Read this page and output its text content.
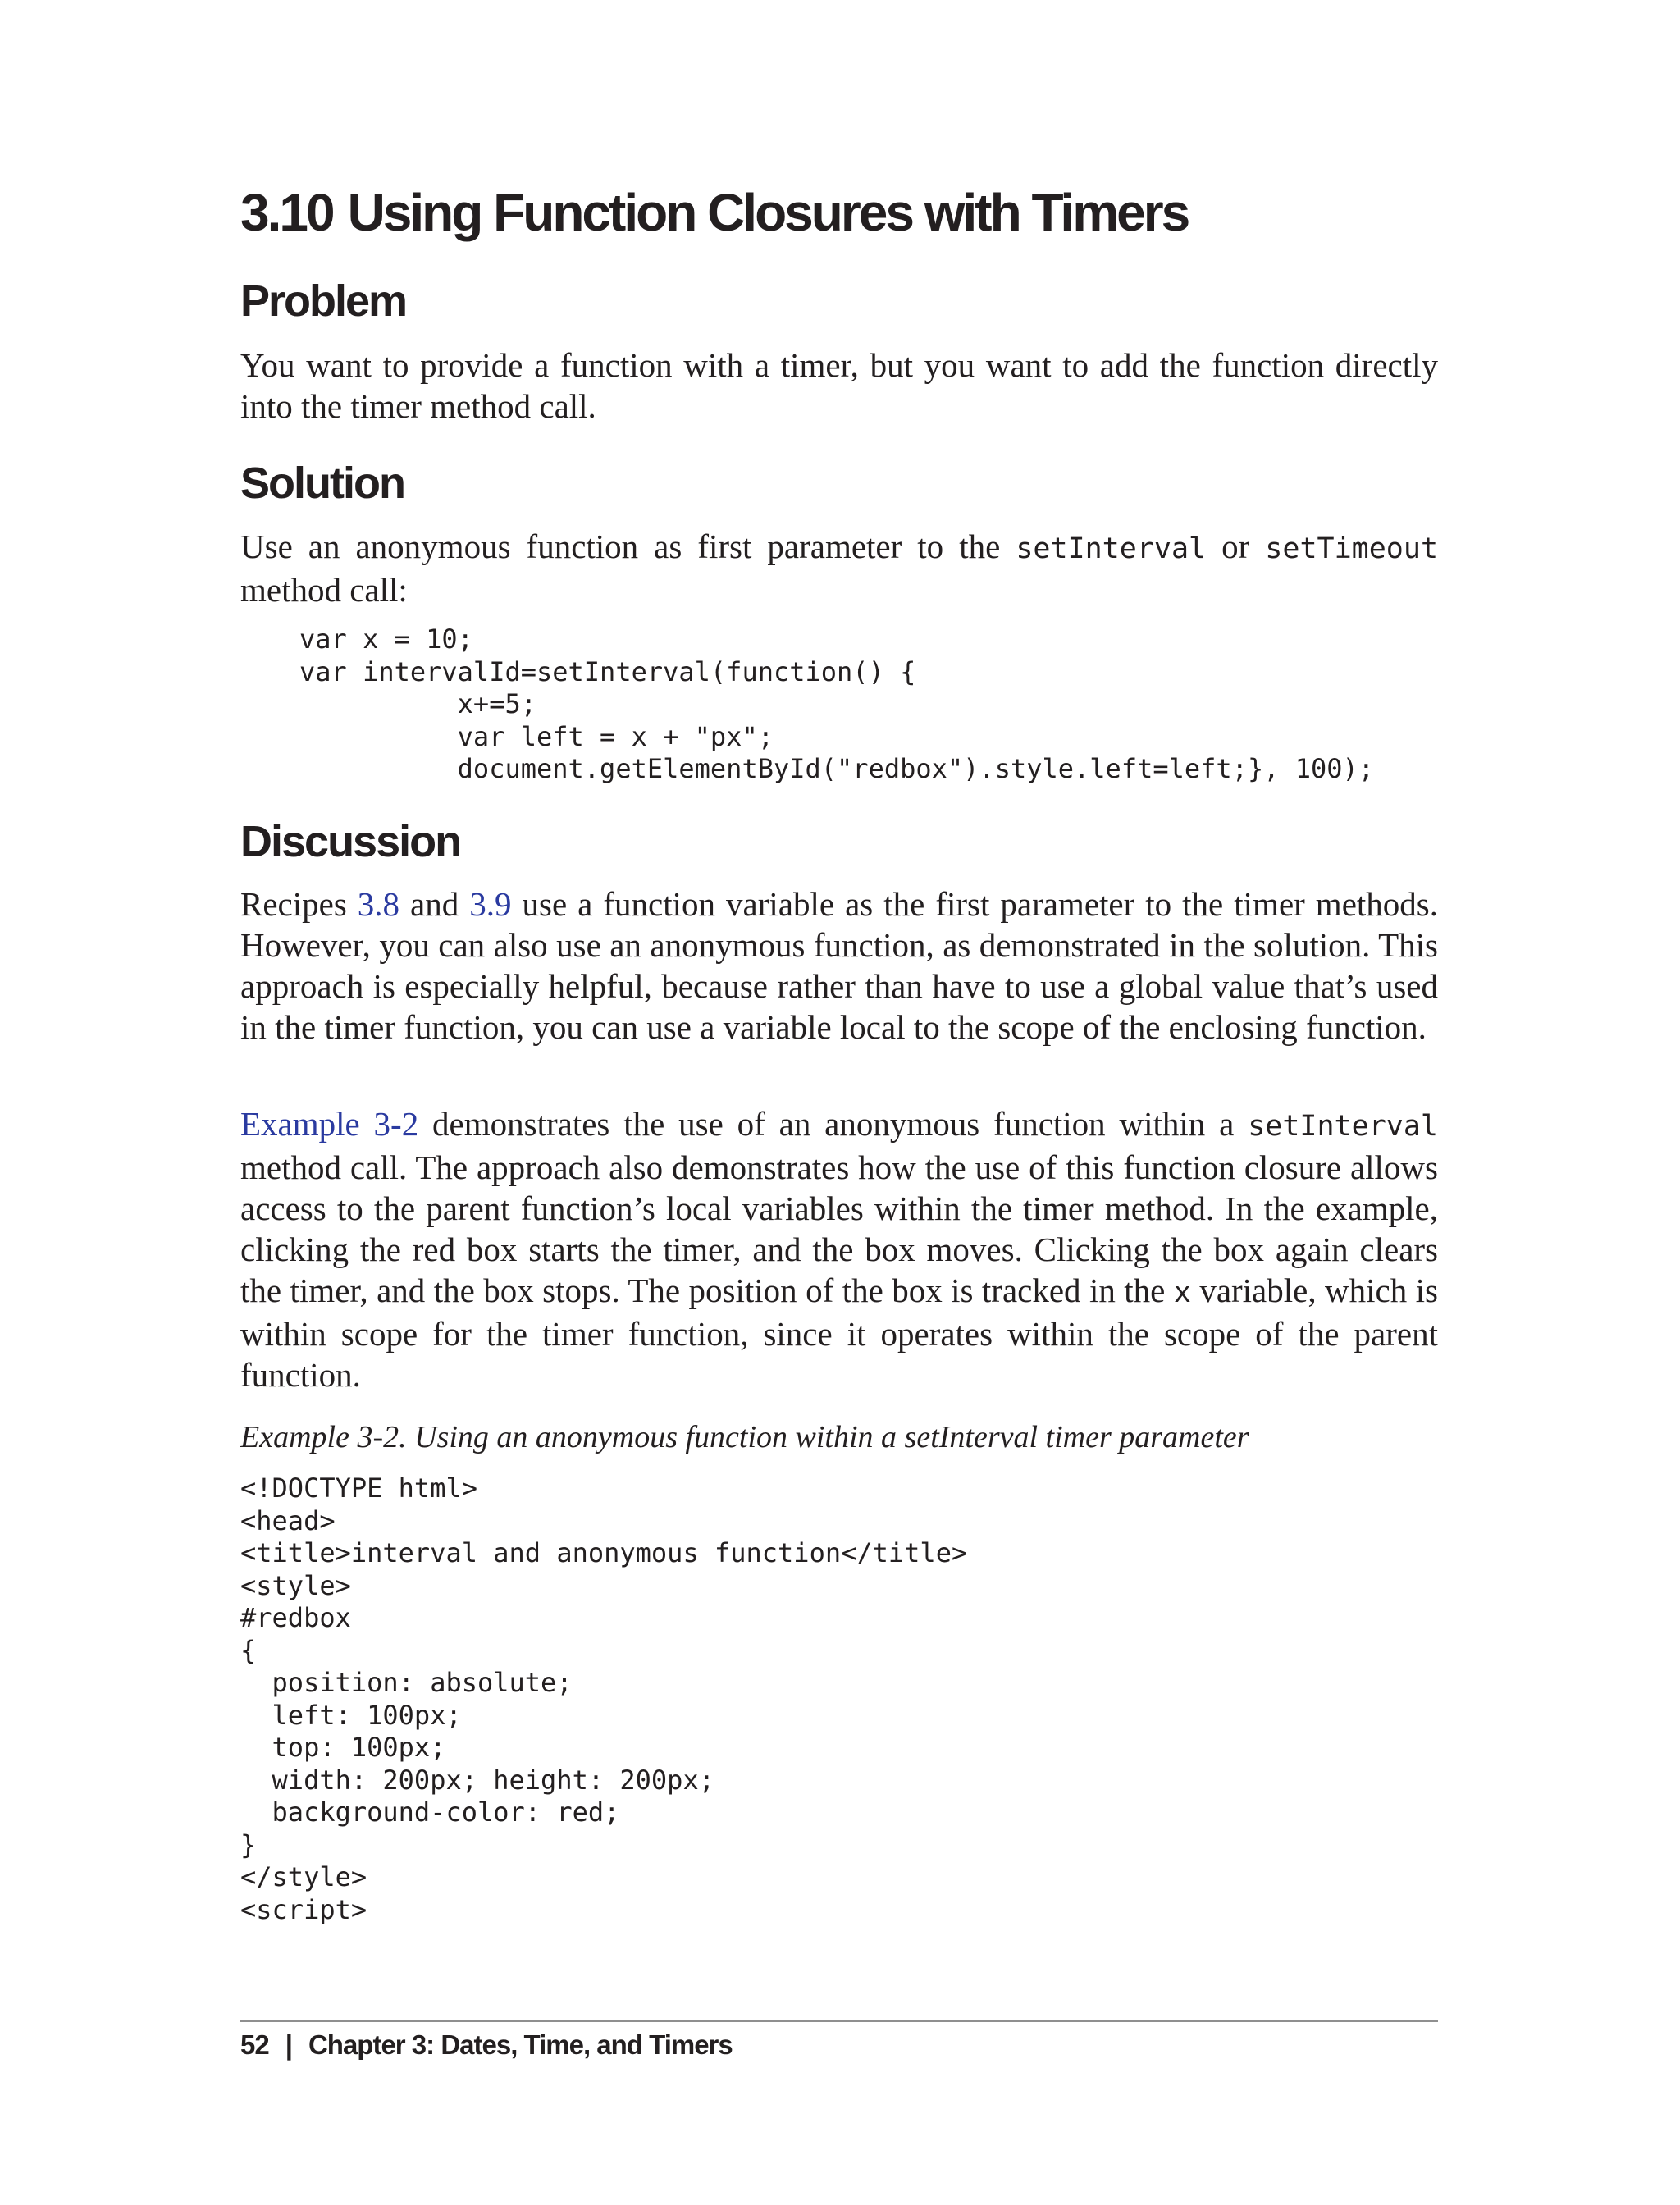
3.10 Using Function Closures with Timers
Problem

You want to provide a function with a timer, but you want to add the function directly into the timer method call.

Solution

Use an anonymous function as first parameter to the setInterval or setTimeout method call:

var x = 10;
var intervalId=setInterval(function() {
x+=5;
var left = x + "px";
document.getElementById("redbox").style.left=left;}, 100);
Discussion

Recipes 3.8 and 3.9 use a function variable as the first parameter to the timer methods. However, you can also use an anonymous function, as demonstrated in the solution. This approach is especially helpful, because rather than have to use a global value that’s used in the timer function, you can use a variable local to the scope of the enclosing function.

Example 3-2 demonstrates the use of an anonymous function within a setInterval method call. The approach also demonstrates how the use of this function closure allows access to the parent function’s local variables within the timer method. In the example, clicking the red box starts the timer, and the box moves. Clicking the box again clears the timer, and the box stops. The position of the box is tracked in the x variable, which is within scope for the timer function, since it operates within the scope of the parent function.

Example 3-2. Using an anonymous function within a setInterval timer parameter

<!DOCTYPE html>
<head>
<title>interval and anonymous function</title>
<style>
#redbox
{
position: absolute;
left: 100px;
top: 100px;
width: 200px; height: 200px;
background-color: red;
}
</style>
<script>
52 | Chapter 3: Dates, Time, and Timers
